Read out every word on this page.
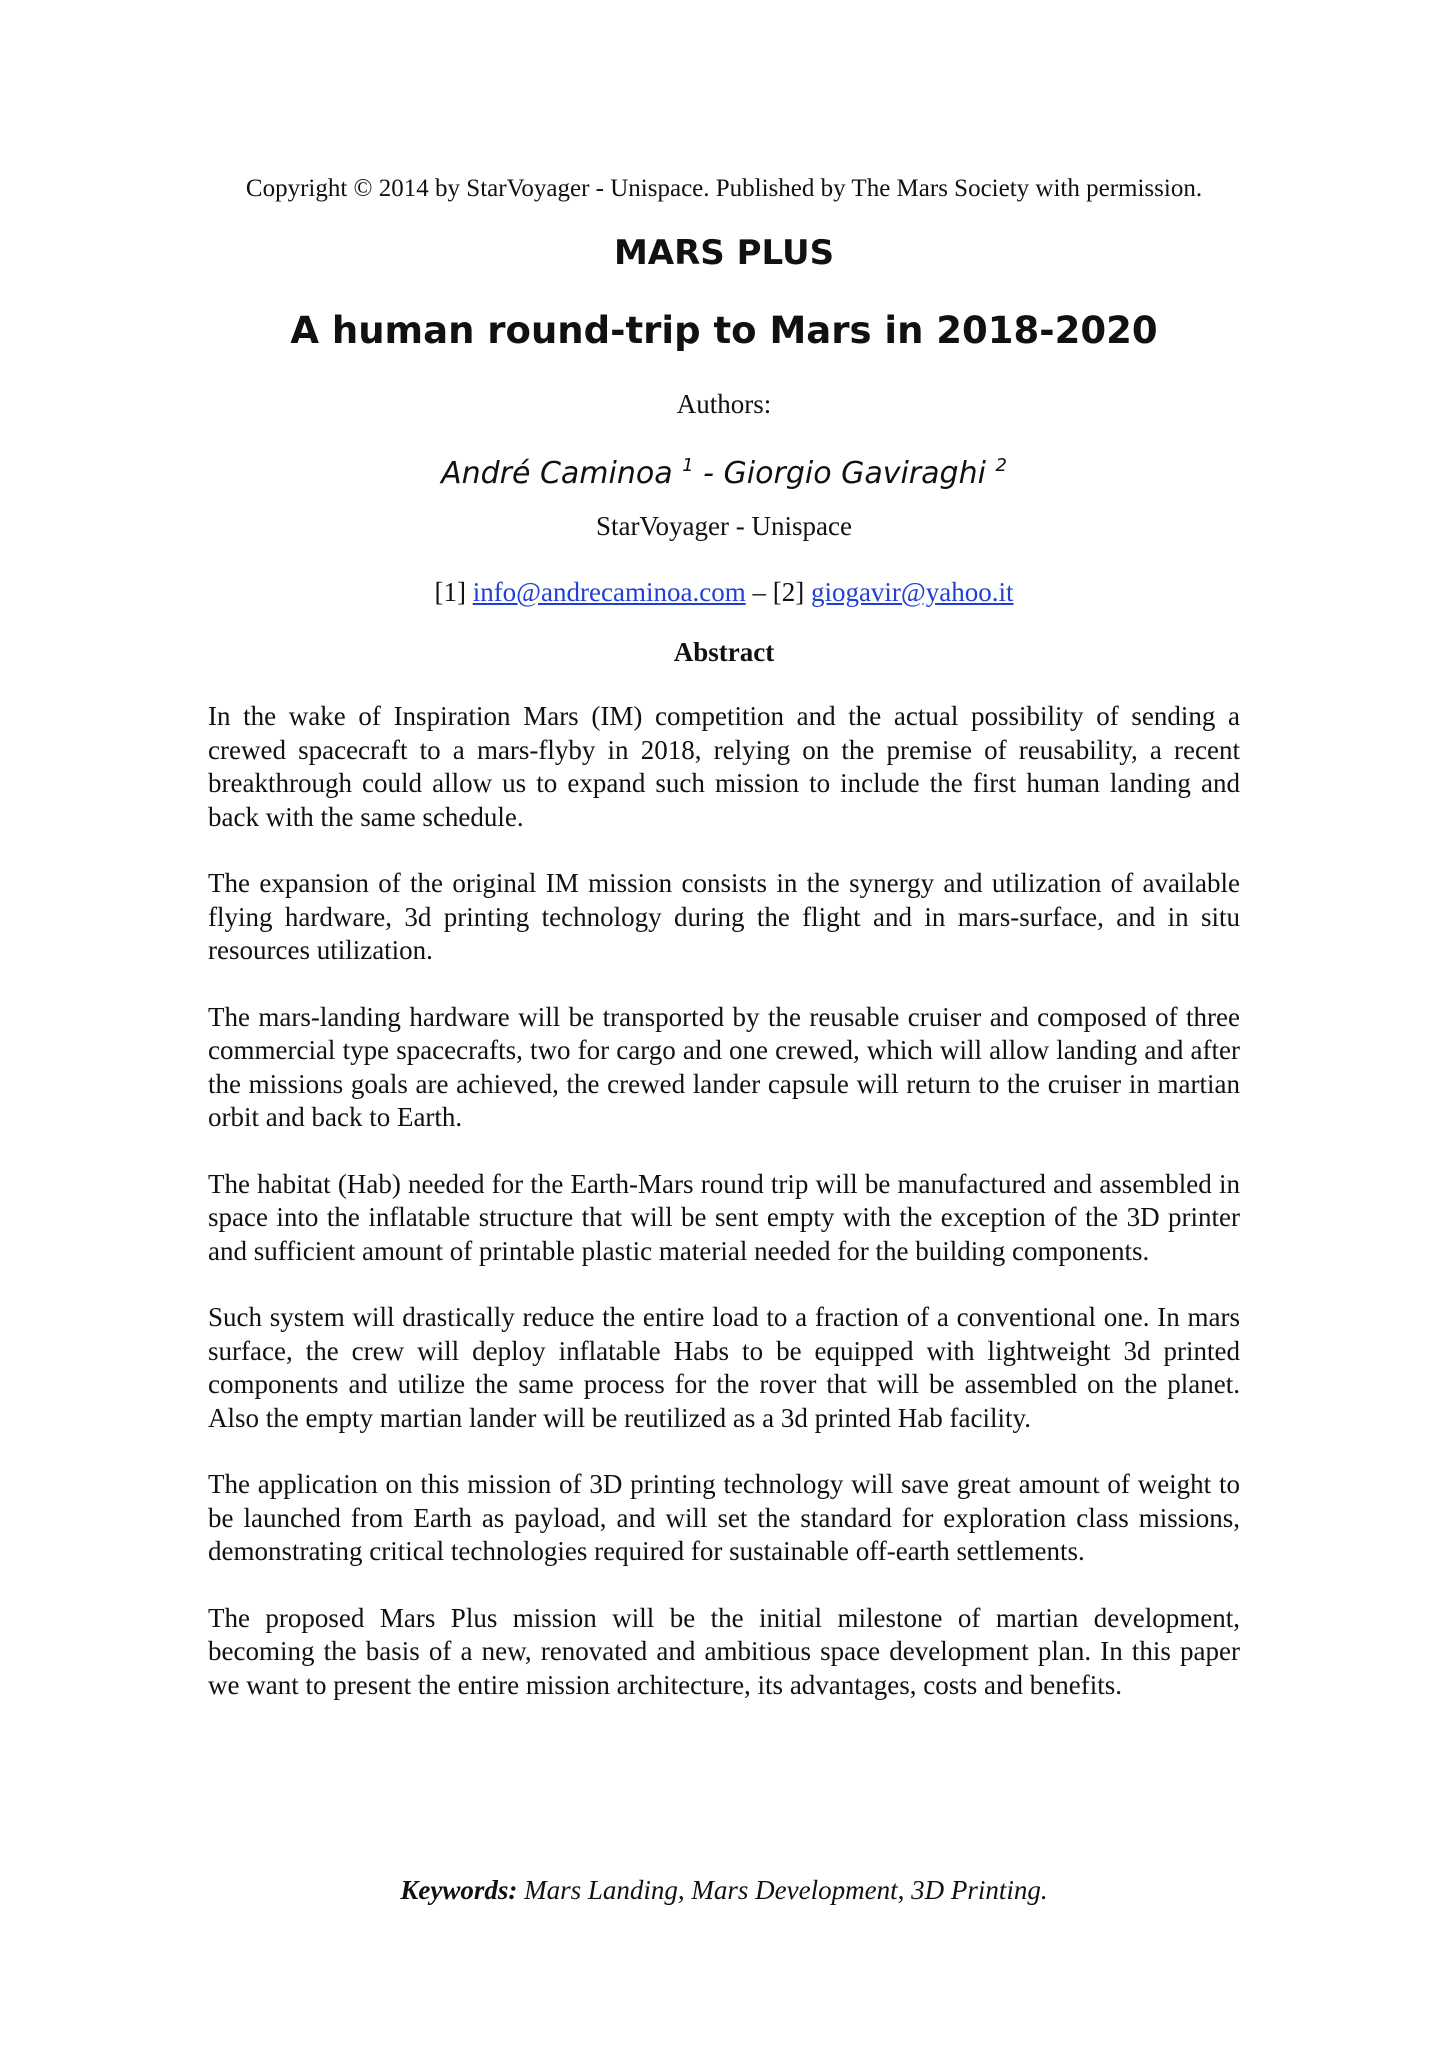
Copyright © 2014 by StarVoyager - Unispace. Published by The Mars Society with permission.
MARS PLUS
A human round-trip to Mars in 2018-2020
Authors:
André Caminoa $^1$ - Giorgio Gaviraghi $^2$
StarVoyager - Unispace
[1] info@andrecaminoa.com – [2] giogavir@yahoo.it
Abstract

In the wake of Inspiration Mars (IM) competition and the actual possibility of sending a crewed spacecraft to a mars-flyby in 2018, relying on the premise of reusability, a recent breakthrough could allow us to expand such mission to include the first human landing and back with the same schedule.

The expansion of the original IM mission consists in the synergy and utilization of available flying hardware, 3d printing technology during the flight and in mars-surface, and in situ resources utilization.

The mars-landing hardware will be transported by the reusable cruiser and composed of three commercial type spacecrafts, two for cargo and one crewed, which will allow landing and after the missions goals are achieved, the crewed lander capsule will return to the cruiser in martian orbit and back to Earth.

The habitat (Hab) needed for the Earth-Mars round trip will be manufactured and assembled in space into the inflatable structure that will be sent empty with the exception of the 3D printer and sufficient amount of printable plastic material needed for the building components.

Such system will drastically reduce the entire load to a fraction of a conventional one. In mars surface, the crew will deploy inflatable Habs to be equipped with lightweight 3d printed components and utilize the same process for the rover that will be assembled on the planet. Also the empty martian lander will be reutilized as a 3d printed Hab facility.

The application on this mission of 3D printing technology will save great amount of weight to be launched from Earth as payload, and will set the standard for exploration class missions, demonstrating critical technologies required for sustainable off-earth settlements.

The proposed Mars Plus mission will be the initial milestone of martian development, becoming the basis of a new, renovated and ambitious space development plan. In this paper we want to present the entire mission architecture, its advantages, costs and benefits.

Keywords: Mars Landing, Mars Development, 3D Printing.
